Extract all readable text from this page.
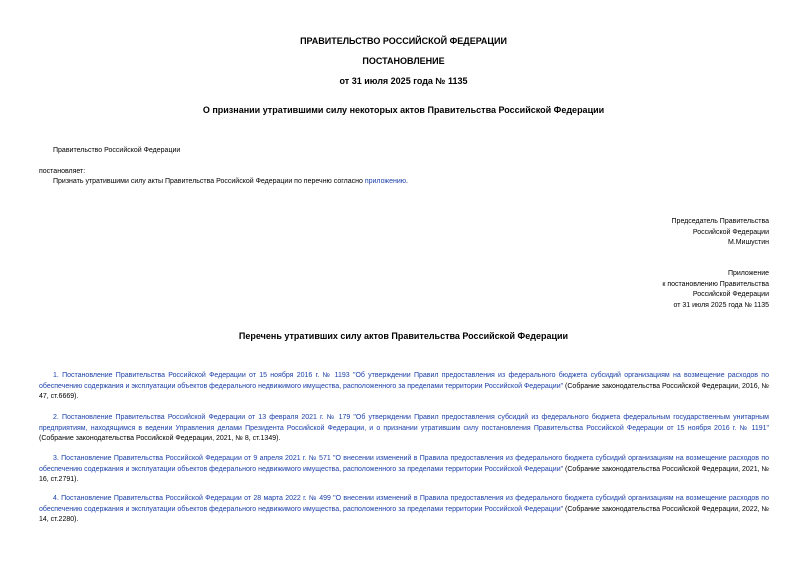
ПРАВИТЕЛЬСТВО РОССИЙСКОЙ ФЕДЕРАЦИИ
ПОСТАНОВЛЕНИЕ
от 31 июля 2025 года № 1135
О признании утратившими силу некоторых актов Правительства Российской Федерации
Правительство Российской Федерации
постановляет:
Признать утратившими силу акты Правительства Российской Федерации по перечню согласно приложению.
Председатель Правительства
Российской Федерации
М.Мишустин
Приложение
к постановлению Правительства
Российской Федерации
от 31 июля 2025 года № 1135
Перечень утративших силу актов Правительства Российской Федерации
1. Постановление Правительства Российской Федерации от 15 ноября 2016 г. № 1193 "Об утверждении Правил предоставления из федерального бюджета субсидий организациям на возмещение расходов по обеспечению содержания и эксплуатации объектов федерального недвижимого имущества, расположенного за пределами территории Российской Федерации" (Собрание законодательства Российской Федерации, 2016, № 47, ст.6669).
2. Постановление Правительства Российской Федерации от 13 февраля 2021 г. № 179 "Об утверждении Правил предоставления субсидий из федерального бюджета федеральным государственным унитарным предприятиям, находящимся в ведении Управления делами Президента Российской Федерации, и о признании утратившим силу постановления Правительства Российской Федерации от 15 ноября 2016 г. № 1191" (Собрание законодательства Российской Федерации, 2021, № 8, ст.1349).
3. Постановление Правительства Российской Федерации от 9 апреля 2021 г. № 571 "О внесении изменений в Правила предоставления из федерального бюджета субсидий организациям на возмещение расходов по обеспечению содержания и эксплуатации объектов федерального недвижимого имущества, расположенного за пределами территории Российской Федерации" (Собрание законодательства Российской Федерации, 2021, № 16, ст.2791).
4. Постановление Правительства Российской Федерации от 28 марта 2022 г. № 499 "О внесении изменений в Правила предоставления из федерального бюджета субсидий организациям на возмещение расходов по обеспечению содержания и эксплуатации объектов федерального недвижимого имущества, расположенного за пределами территории Российской Федерации" (Собрание законодательства Российской Федерации, 2022, № 14, ст.2280).
